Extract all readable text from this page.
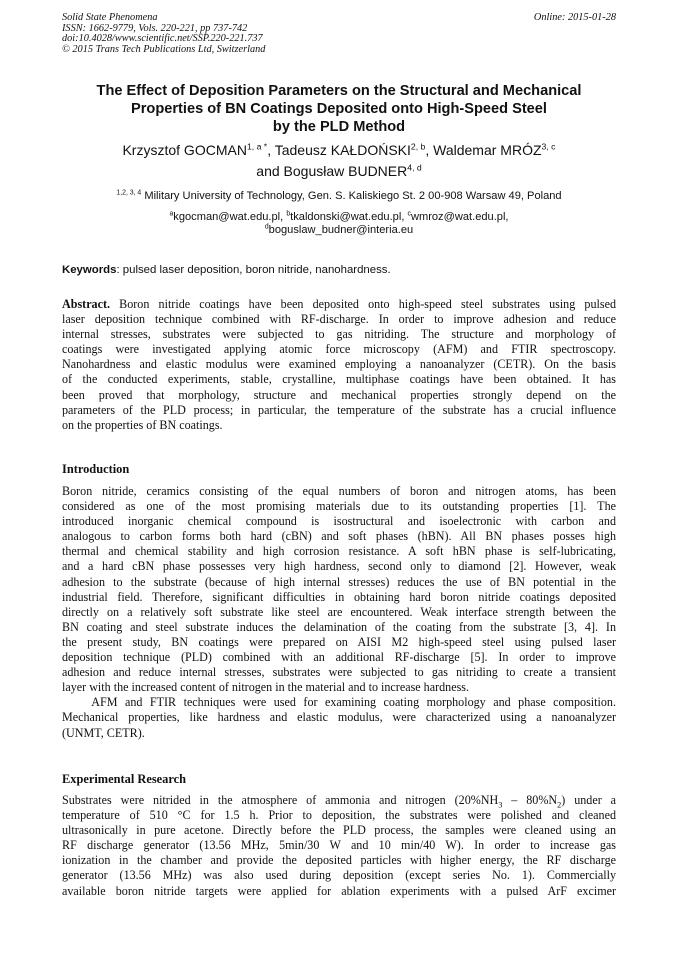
Solid State Phenomena
ISSN: 1662-9779, Vols. 220-221, pp 737-742
doi:10.4028/www.scientific.net/SSP.220-221.737
© 2015 Trans Tech Publications Ltd, Switzerland
Online: 2015-01-28
The Effect of Deposition Parameters on the Structural and Mechanical
Properties of BN Coatings Deposited onto High-Speed Steel
by the PLD Method
Krzysztof $GOCMAN^{1, a *}$, Tadeusz KAŁDOŃSKI$^{2, b}$, Waldemar MRÓZ$^{3, c}$
and Bogusław BUDNER$^{4, d}$
$^{1,2, 3, 4}$ Military University of Technology, Gen. S. Kaliskiego St. 2 00-908 Warsaw 49, Poland
$^a$kgocman@wat.edu.pl, $^b$tkaldonski@wat.edu.pl, $^c$wmroz@wat.edu.pl,
$^d$boguslaw_budner@interia.eu
Keywords: pulsed laser deposition, boron nitride, nanohardness.
Abstract. Boron nitride coatings have been deposited onto high-speed steel substrates using pulsed
laser deposition technique combined with RF-discharge. In order to improve adhesion and reduce
internal stresses, substrates were subjected to gas nitriding. The structure and morphology of
coatings were investigated applying atomic force microscopy (AFM) and FTIR spectroscopy.
Nanohardness and elastic modulus were examined employing a nanoanalyzer (CETR). On the basis
of the conducted experiments, stable, crystalline, multiphase coatings have been obtained. It has
been proved that morphology, structure and mechanical properties strongly depend on the
parameters of the PLD process; in particular, the temperature of the substrate has a crucial influence
on the properties of BN coatings.
Introduction
Boron nitride, ceramics consisting of the equal numbers of boron and nitrogen atoms, has been
considered as one of the most promising materials due to its outstanding properties [1]. The
introduced inorganic chemical compound is isostructural and isoelectronic with carbon and
analogous to carbon forms both hard (cBN) and soft phases (hBN). All BN phases posses high
thermal and chemical stability and high corrosion resistance. A soft hBN phase is self-lubricating,
and a hard cBN phase possesses very high hardness, second only to diamond [2]. However, weak
adhesion to the substrate (because of high internal stresses) reduces the use of BN potential in the
industrial field. Therefore, significant difficulties in obtaining hard boron nitride coatings deposited
directly on a relatively soft substrate like steel are encountered. Weak interface strength between the
BN coating and steel substrate induces the delamination of the coating from the substrate [3, 4]. In
the present study, BN coatings were prepared on AISI M2 high-speed steel using pulsed laser
deposition technique (PLD) combined with an additional RF-discharge [5]. In order to improve
adhesion and reduce internal stresses, substrates were subjected to gas nitriding to create a transient
layer with the increased content of nitrogen in the material and to increase hardness.
AFM and FTIR techniques were used for examining coating morphology and phase composition.
Mechanical properties, like hardness and elastic modulus, were characterized using a nanoanalyzer
(UNMT, CETR).
Experimental Research
Substrates were nitrided in the atmosphere of ammonia and nitrogen $(20\%NH_3 - 80\%N_2)$ under a
temperature of 510 °C for 1.5 h. Prior to deposition, the substrates were polished and cleaned
ultrasonically in pure acetone. Directly before the PLD process, the samples were cleaned using an
RF discharge generator (13.56 MHz, 5min/30 W and 10 min/40 W). In order to increase gas
ionization in the chamber and provide the deposited particles with higher energy, the RF discharge
generator (13.56 MHz) was also used during deposition (except series No. 1). Commercially
available boron nitride targets were applied for ablation experiments with a pulsed ArF excimer
